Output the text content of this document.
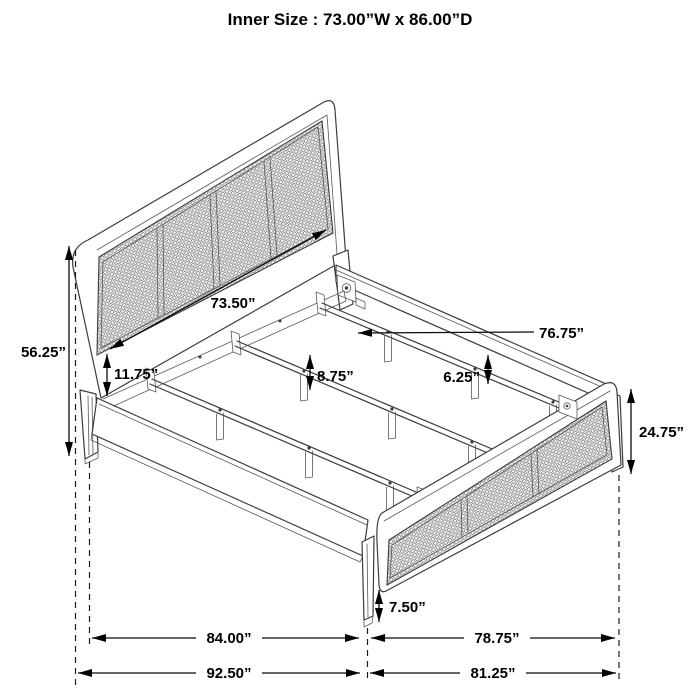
Inner Size : 73.00”W x 86.00”D
56.25”
73.50”
76.75”
11.75”	8.75”	6.25”
24.75”
7.50”
84.00”	78.75”
92.50”	81.25”
